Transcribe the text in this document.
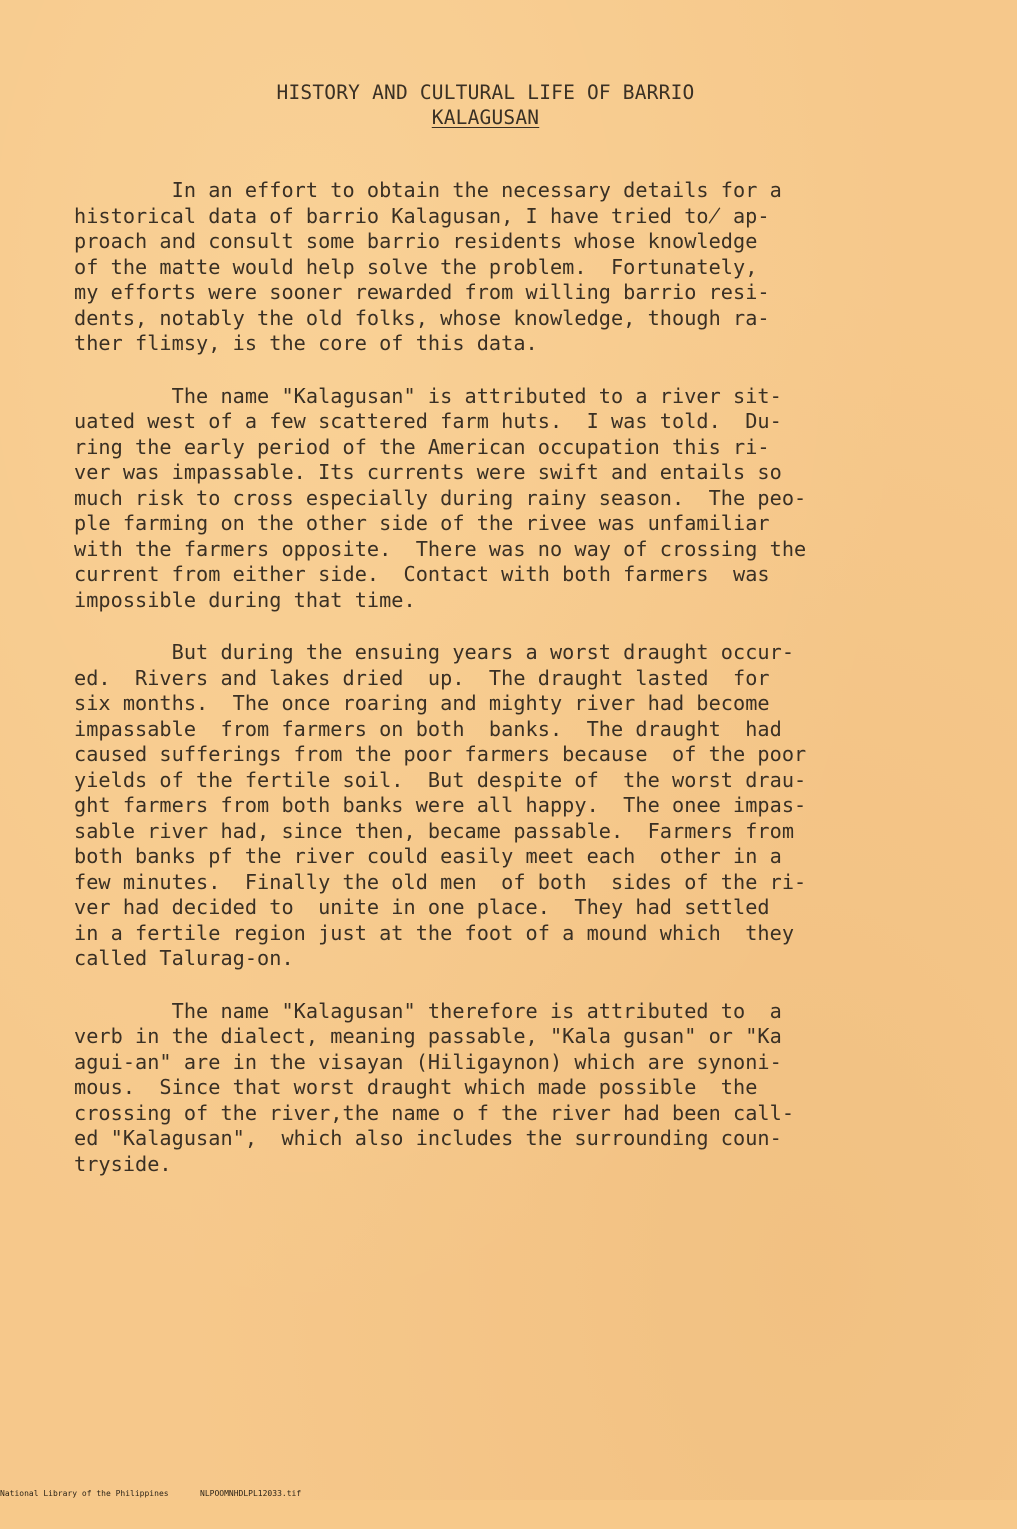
HISTORY AND CULTURAL LIFE OF BARRIO
KALAGUSAN
In an effort to obtain the necessary details for a
historical data of barrio Kalagusan, I have tried to̸ ap-
proach and consult some barrio residents whose knowledge
of the matte would help solve the problem.  Fortunately,
my efforts were sooner rewarded from willing barrio resi-
dents, notably the old folks, whose knowledge, though ra-
ther flimsy, is the core of this data.
The name "Kalagusan" is attributed to a river sit-
uated west of a few scattered farm huts.  I was told.  Du-
ring the early period of the American occupation this ri-
ver was impassable. Its currents were swift and entails so
much risk to cross especially during rainy season.  The peo-
ple farming on the other side of the rivee was unfamiliar
with the farmers opposite.  There was no way of crossing the
current from either side.  Contact with both farmers  was
impossible during that time.
But during the ensuing years a worst draught occur-
ed.  Rivers and lakes dried  up.  The draught lasted  for
six months.  The once roaring and mighty river had become
impassable  from farmers on both  banks.  The draught  had
caused sufferings from the poor farmers because  of the poor
yields of the fertile soil.  But despite of  the worst drau-
ght farmers from both banks were all happy.  The onee impas-
sable river had, since then, became passable.  Farmers from
both banks pf the river could easily meet each  other in a
few minutes.  Finally the old men  of both  sides of the ri-
ver had decided to  unite in one place.  They had settled
in a fertile region just at the foot of a mound which  they
called Talurag-on.
The name "Kalagusan" therefore is attributed to  a
verb in the dialect, meaning passable, "Kala gusan" or "Ka
agui-an" are in the visayan (Hiligaynon) which are synoni-
mous.  Since that worst draught which made possible  the
crossing of the river,the name o f the river had been call-
ed "Kalagusan",  which also includes the surrounding coun-
tryside.

National Library of the Philippines

	NLPOOMNHDLPL12033.tif
